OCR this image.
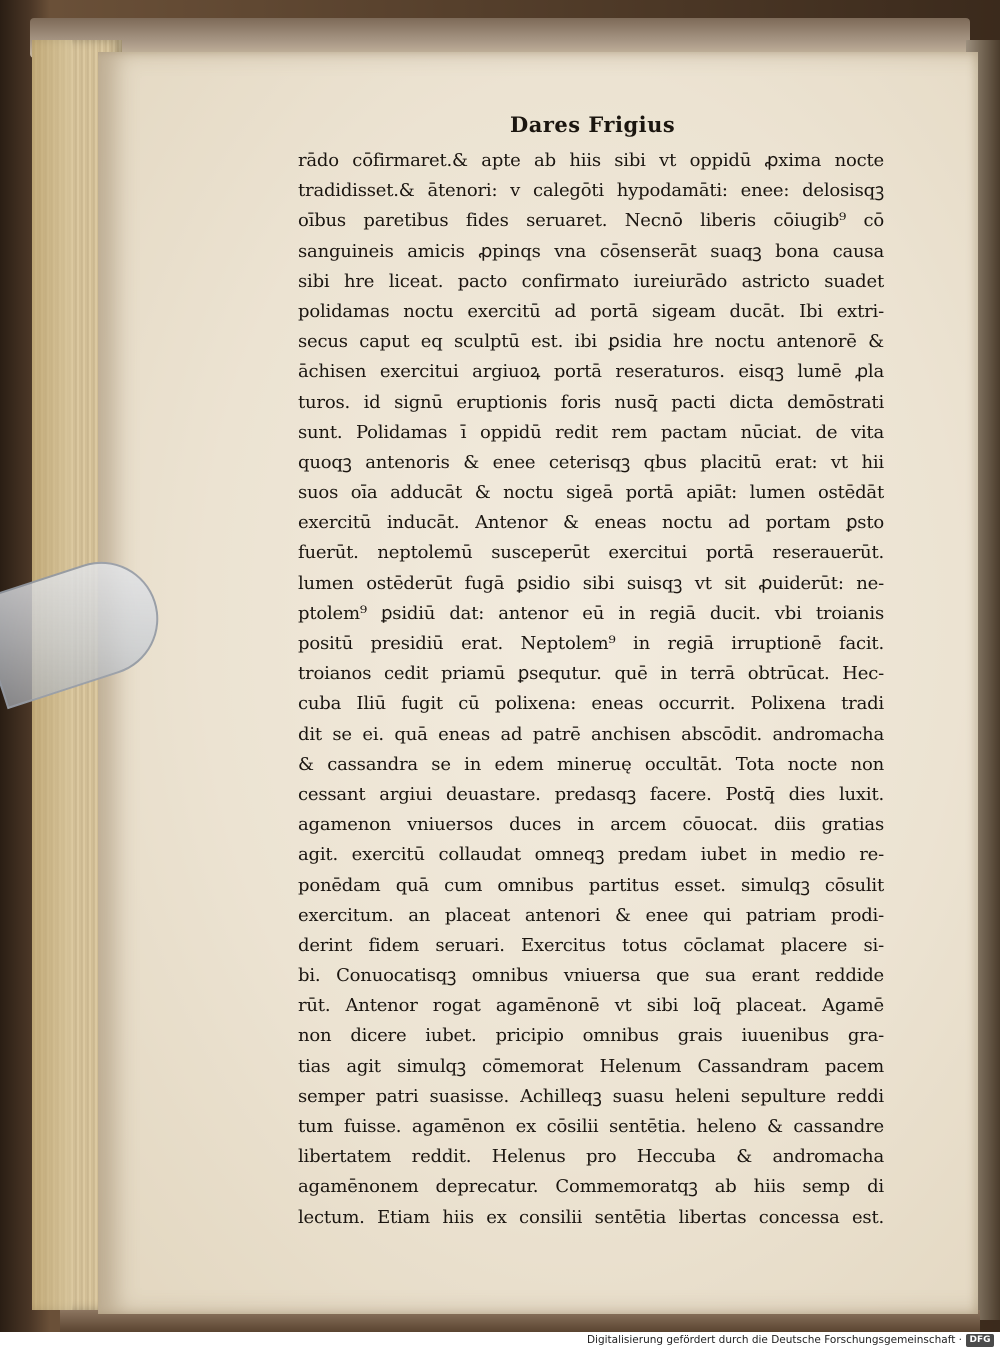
Dares Frigius
rādo cōfirmaret.& apte ab hiis sibi vt oppidū ꝓxima nocte
tradidisset.& ātenori: v calegōti hypodamāti: enee: delosisqꝫ
oībus paretibus fides seruaret. Necnō liberis cōiugib⁹ cō
sanguineis amicis ꝓpinqs vna cōsenserāt suaqꝫ bona causa
sibi hre liceat. pacto confirmato iureiurādo astricto suadet
polidamas noctu exercitū ad portā sigeam ducāt. Ibi extri-
secus caput eq sculptū est. ibi ꝑsidia hre noctu antenorē &
āchisen exercitui argiuoꝝ portā reseraturos. eisqꝫ lumē ꝓla
turos. id signū eruptionis foris nusq̄ pacti dicta demōstrati
sunt. Polidamas ī oppidū redit rem pactam nūciat. de vita
quoqꝫ antenoris & enee ceterisqꝫ qbus placitū erat: vt hii
suos oīa adducāt & noctu sigeā portā apiāt: lumen ostēdāt
exercitū inducāt. Antenor & eneas noctu ad portam ꝑsto
fuerūt. neptolemū susceperūt exercitui portā reserauerūt.
lumen ostēderūt fugā ꝑsidio sibi suisqꝫ vt sit ꝓuiderūt: ne-
ptolem⁹ ꝑsidiū dat: antenor eū in regiā ducit. vbi troianis
positū presidiū erat. Neptolem⁹ in regiā irruptionē facit.
troianos cedit priamū ꝑsequtur. quē in terrā obtrūcat. Hec-
cuba Iliū fugit cū polixena: eneas occurrit. Polixena tradi
dit se ei. quā eneas ad patrē anchisen abscōdit. andromacha
& cassandra se in edem mineruę occultāt. Tota nocte non
cessant argiui deuastare. predasqꝫ facere. Postq̄ dies luxit.
agamenon vniuersos duces in arcem cōuocat. diis gratias
agit. exercitū collaudat omneqꝫ predam iubet in medio re-
ponēdam quā cum omnibus partitus esset. simulqꝫ cōsulit
exercitum. an placeat antenori & enee qui patriam prodi-
derint fidem seruari. Exercitus totus cōclamat placere si-
bi. Conuocatisqꝫ omnibus vniuersa que sua erant reddide
rūt. Antenor rogat agamēnonē vt sibi loq̄ placeat. Agamē
non dicere iubet. pricipio omnibus grais iuuenibus gra-
tias agit simulqꝫ cōmemorat Helenum Cassandram pacem
semper patri suasisse. Achilleqꝫ suasu heleni sepulture reddi
tum fuisse. agamēnon ex cōsilii sentētia. heleno & cassandre
libertatem reddit. Helenus pro Heccuba & andromacha
agamēnonem deprecatur. Commemoratqꝫ ab hiis semp di
lectum. Etiam hiis ex consilii sentētia libertas concessa est.
Digitalisierung gefördert durch die Deutsche Forschungsgemeinschaft · DFG
